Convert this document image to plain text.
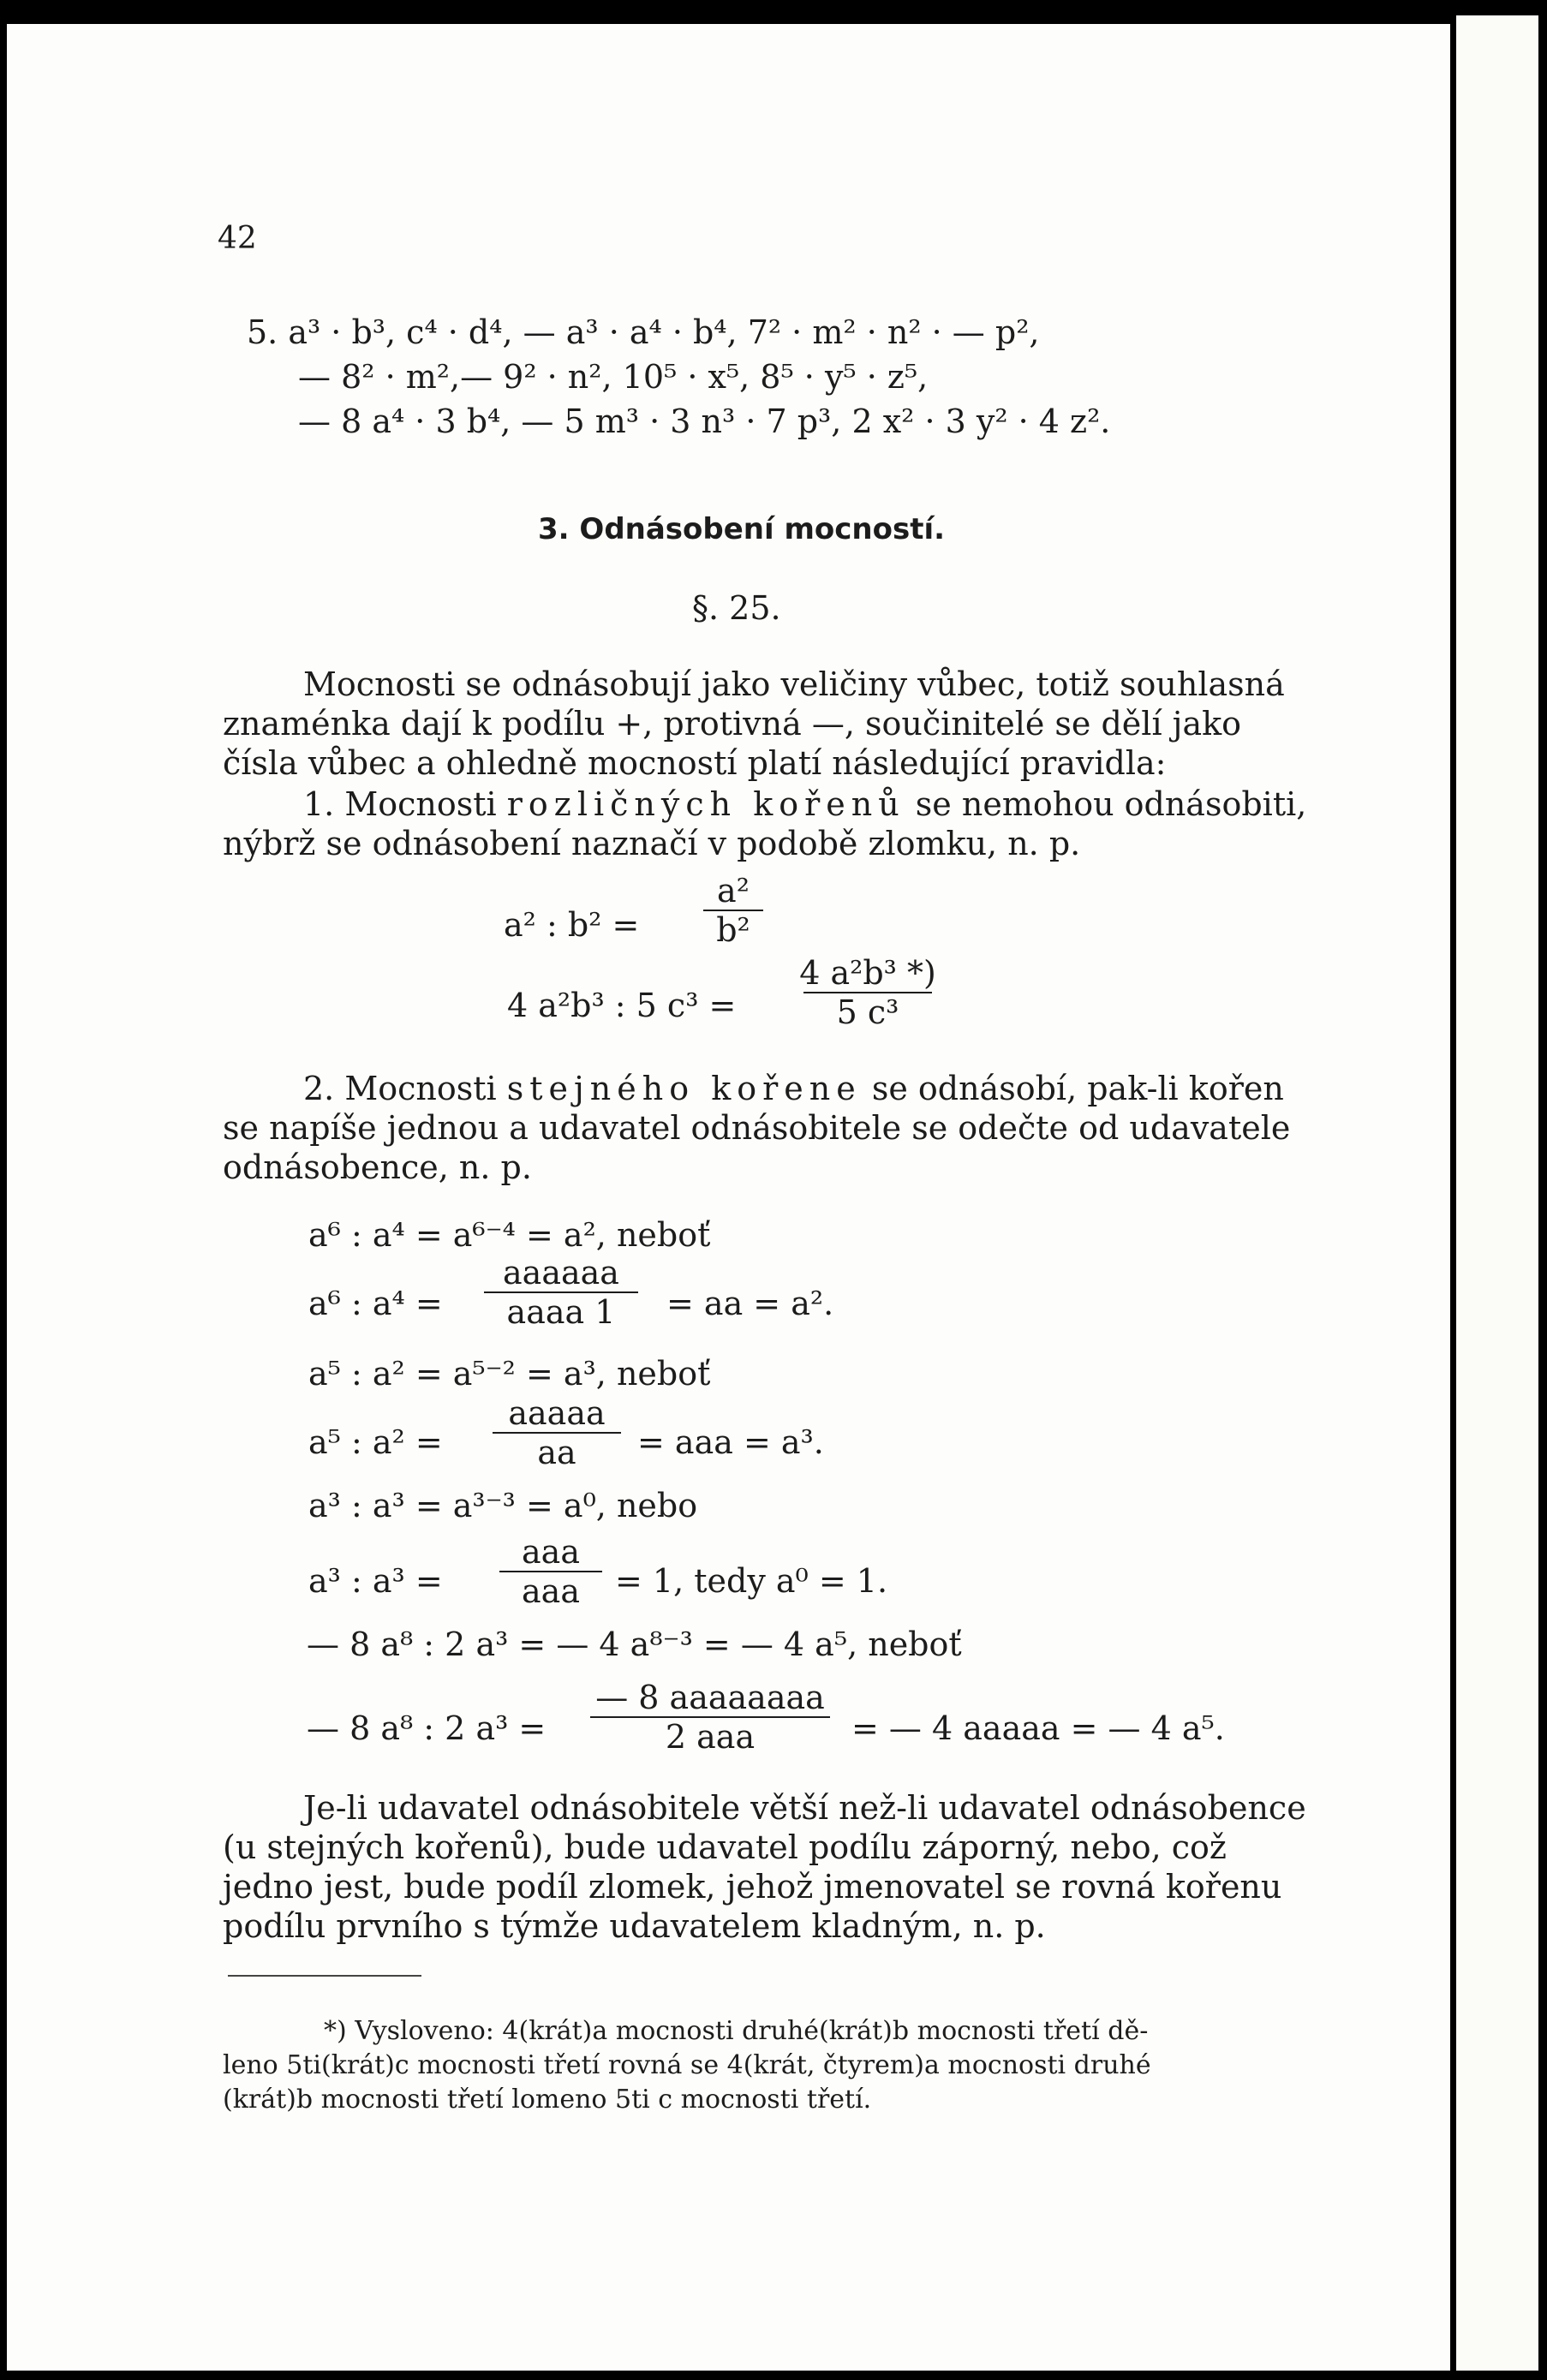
42
5. a³ · b³, c⁴ · d⁴, — a³ · a⁴ · b⁴, 7² · m² · n² · — p²,
— 8² · m²,— 9² · n², 10⁵ · x⁵, 8⁵ · y⁵ · z⁵,
— 8 a⁴ · 3 b⁴, — 5 m³ · 3 n³ · 7 p³, 2 x² · 3 y² · 4 z².
3. Odnásobení mocností.
§. 25.
Mocnosti se odnásobují jako veličiny vůbec, totiž souhlasná
znaménka dají k podílu +, protivná —, součinitelé se dělí jako
čísla vůbec a ohledně mocností platí následující pravidla:
1. Mocnosti rozličných kořenů se nemohou odnásobiti,
nýbrž se odnásobení naznačí v podobě zlomku, n. p.
a² : b² =
a²
b²
4 a²b³ : 5 c³ =
4 a²b³ *)
5 c³
2. Mocnosti stejného kořene se odnásobí, pak-li kořen
se napíše jednou a udavatel odnásobitele se odečte od udavatele
odnásobence, n. p.
a⁶ : a⁴ = a⁶⁻⁴ = a², neboť
a⁶ : a⁴ =
aaaaaa
aaaa 1 = aa = a².
a⁵ : a² = a⁵⁻² = a³, neboť
a⁵ : a² =
aaaaa
aa = aaa = a³.
a³ : a³ = a³⁻³ = a⁰, nebo
a³ : a³ =
aaa
aaa = 1, tedy a⁰ = 1.
— 8 a⁸ : 2 a³ = — 4 a⁸⁻³ = — 4 a⁵, neboť
— 8 a⁸ : 2 a³ =
— 8 aaaaaaaa
2 aaa	= — 4 aaaaa = — 4 a⁵.
Je-li udavatel odnásobitele větší než-li udavatel odnásobence
(u stejných kořenů), bude udavatel podílu záporný, nebo, což
jedno jest, bude podíl zlomek, jehož jmenovatel se rovná kořenu
podílu prvního s týmže udavatelem kladným, n. p.
*) Vysloveno: 4(krát)a mocnosti druhé(krát)b mocnosti třetí dě-
leno 5ti(krát)c mocnosti třetí rovná se 4(krát, čtyrem)a mocnosti druhé
(krát)b mocnosti třetí lomeno 5ti c mocnosti třetí.
